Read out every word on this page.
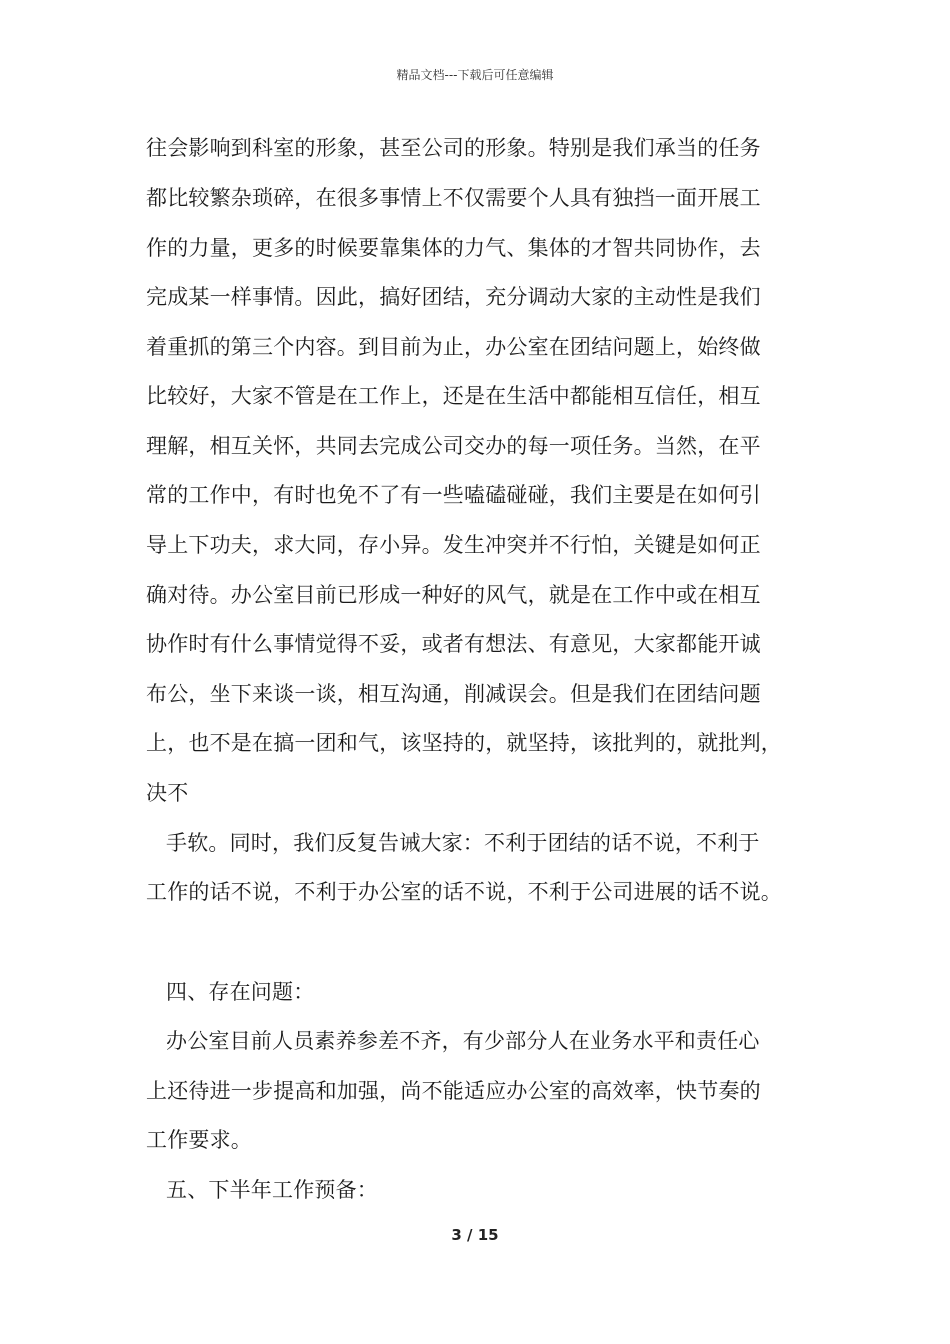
精品文档---下载后可任意编辑
往会影响到科室的形象，甚至公司的形象。特别是我们承当的任务
都比较繁杂琐碎，在很多事情上不仅需要个人具有独挡一面开展工
作的力量，更多的时候要靠集体的力气、集体的才智共同协作，去
完成某一样事情。因此，搞好团结，充分调动大家的主动性是我们
着重抓的第三个内容。到目前为止，办公室在团结问题上，始终做
比较好，大家不管是在工作上，还是在生活中都能相互信任，相互
理解，相互关怀，共同去完成公司交办的每一项任务。当然，在平
常的工作中，有时也免不了有一些嗑磕碰碰，我们主要是在如何引
导上下功夫，求大同，存小异。发生冲突并不行怕，关键是如何正
确对待。办公室目前已形成一种好的风气，就是在工作中或在相互
协作时有什么事情觉得不妥，或者有想法、有意见，大家都能开诚
布公，坐下来谈一谈，相互沟通，削减误会。但是我们在团结问题
上，也不是在搞一团和气，该坚持的，就坚持，该批判的，就批判，
决不
手软。同时，我们反复告诫大家：不利于团结的话不说，不利于
工作的话不说，不利于办公室的话不说，不利于公司进展的话不说。
四、存在问题：
办公室目前人员素养参差不齐，有少部分人在业务水平和责任心
上还待进一步提高和加强，尚不能适应办公室的高效率，快节奏的
工作要求。
五、下半年工作预备：
3 / 15
